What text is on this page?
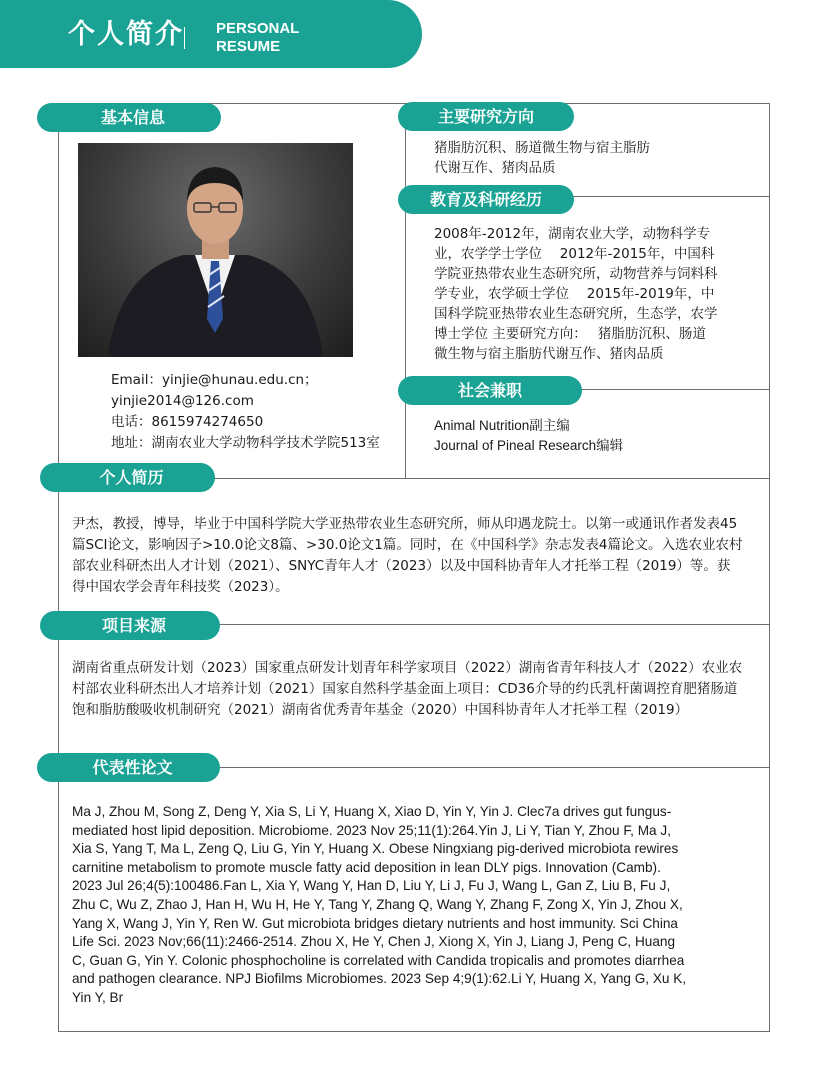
个人简介 PERSONAL
RESUME
基本信息	主要研究方向
教育及科研经历
社会兼职
个人简历
项目来源
代表性论文
Email：yinjie@hunau.edu.cn；
yinjie2014@126.com
电话：8615974274650
地址：湖南农业大学动物科学技术学院513室
猪脂肪沉积、肠道微生物与宿主脂肪
代谢互作、猪肉品质
2008年-2012年，湖南农业大学，动物科学专
业，农学学士学位　 2012年-2015年，中国科
学院亚热带农业生态研究所，动物营养与饲料科
学专业，农学硕士学位　 2015年-2019年，中
国科学院亚热带农业生态研究所，生态学，农学
博士学位 主要研究方向：　 猪脂肪沉积、肠道
微生物与宿主脂肪代谢互作、猪肉品质
Animal Nutrition副主编
Journal of Pineal Research编辑
尹杰，教授，博导，毕业于中国科学院大学亚热带农业生态研究所，师从印遇龙院士。以第一或通讯作者发表45
篇SCI论文，影响因子>10.0论文8篇、>30.0论文1篇。同时，在《中国科学》杂志发表4篇论文。入选农业农村
部农业科研杰出人才计划（2021）、SNYC青年人才（2023）以及中国科协青年人才托举工程（2019）等。获
得中国农学会青年科技奖（2023）。
湖南省重点研发计划（2023）国家重点研发计划青年科学家项目（2022）湖南省青年科技人才（2022）农业农
村部农业科研杰出人才培养计划（2021）国家自然科学基金面上项目：CD36介导的约氏乳杆菌调控育肥猪肠道
饱和脂肪酸吸收机制研究（2021）湖南省优秀青年基金（2020）中国科协青年人才托举工程（2019）
Ma J, Zhou M, Song Z, Deng Y, Xia S, Li Y, Huang X, Xiao D, Yin Y, Yin J. Clec7a drives gut fungus-
mediated host lipid deposition. Microbiome. 2023 Nov 25;11(1):264.Yin J, Li Y, Tian Y, Zhou F, Ma J,
Xia S, Yang T, Ma L, Zeng Q, Liu G, Yin Y, Huang X. Obese Ningxiang pig-derived microbiota rewires
carnitine metabolism to promote muscle fatty acid deposition in lean DLY pigs. Innovation (Camb).
2023 Jul 26;4(5):100486.Fan L, Xia Y, Wang Y, Han D, Liu Y, Li J, Fu J, Wang L, Gan Z, Liu B, Fu J,
Zhu C, Wu Z, Zhao J, Han H, Wu H, He Y, Tang Y, Zhang Q, Wang Y, Zhang F, Zong X, Yin J, Zhou X,
Yang X, Wang J, Yin Y, Ren W. Gut microbiota bridges dietary nutrients and host immunity. Sci China
Life Sci. 2023 Nov;66(11):2466-2514. Zhou X, He Y, Chen J, Xiong X, Yin J, Liang J, Peng C, Huang
C, Guan G, Yin Y. Colonic phosphocholine is correlated with Candida tropicalis and promotes diarrhea
and pathogen clearance. NPJ Biofilms Microbiomes. 2023 Sep 4;9(1):62.Li Y, Huang X, Yang G, Xu K,
Yin Y, Br
